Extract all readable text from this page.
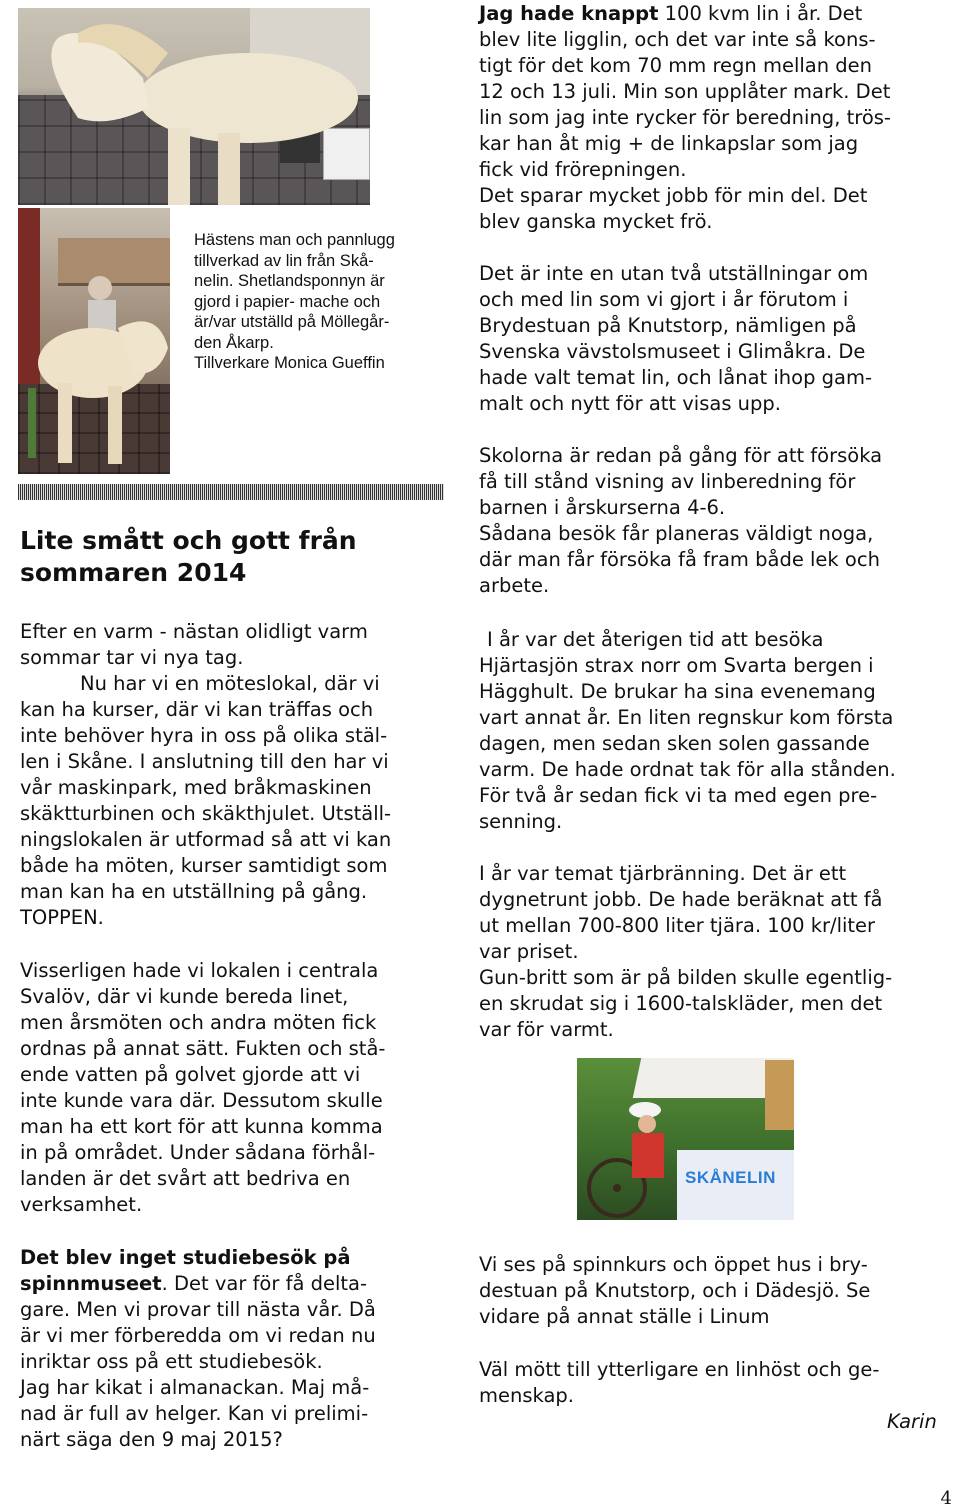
Hästens man och pannlugg
tillverkad av lin från Skå-
nelin. Shetlandsponnyn är
gjord i papier- mache och
är/var utställd på Möllegår-
den Åkarp.
Tillverkare Monica Gueffin
Lite smått och gott från
sommaren 2014
Efter en varm - nästan olidligt varm
sommar tar vi nya tag.
Nu har vi en möteslokal, där vi
kan ha kurser, där vi kan träffas och
inte behöver hyra in oss på olika stäl-
len i Skåne. I anslutning till den har vi
vår maskinpark, med bråkmaskinen
skäktturbinen och skäkthjulet. Utställ-
ningslokalen är utformad så att vi kan
både ha möten, kurser samtidigt som
man kan ha en utställning på gång.
TOPPEN.
Visserligen hade vi lokalen i centrala
Svalöv, där vi kunde bereda linet,
men årsmöten och andra möten fick
ordnas på annat sätt. Fukten och stå-
ende vatten på golvet gjorde att vi
inte kunde vara där. Dessutom skulle
man ha ett kort för att kunna komma
in på området. Under sådana förhål-
landen är det svårt att bedriva en
verksamhet.
Det blev inget studiebesök på
spinnmuseet. Det var för få delta-
gare. Men vi provar till nästa vår. Då
är vi mer förberedda om vi redan nu
inriktar oss på ett studiebesök.
Jag har kikat i almanackan. Maj må-
nad är full av helger. Kan vi prelimi-
närt säga den 9 maj 2015?
Jag hade knappt 100 kvm lin i år. Det
blev lite ligglin, och det var inte så kons-
tigt för det kom 70 mm regn mellan den
12 och 13 juli. Min son upplåter mark. Det
lin som jag inte rycker för beredning, trös-
kar han åt mig + de linkapslar som jag
fick vid frörepningen.
Det sparar mycket jobb för min del. Det
blev ganska mycket frö.
Det är inte en utan två utställningar om
och med lin som vi gjort i år förutom i
Brydestuan på Knutstorp, nämligen på
Svenska vävstolsmuseet i Glimåkra. De
hade valt temat lin, och lånat ihop gam-
malt och nytt för att visas upp.
Skolorna är redan på gång för att försöka
få till stånd visning av linberedning för
barnen i årskurserna 4-6.
Sådana besök får planeras väldigt noga,
där man får försöka få fram både lek och
arbete.
I år var det återigen tid att besöka
Hjärtasjön strax norr om Svarta bergen i
Hägghult. De brukar ha sina evenemang
vart annat år. En liten regnskur kom första
dagen, men sedan sken solen gassande
varm. De hade ordnat tak för alla stånden.
För två år sedan fick vi ta med egen pre-
senning.
I år var temat tjärbränning. Det är ett
dygnetrunt jobb. De hade beräknat att få
ut mellan 700-800 liter tjära. 100 kr/liter
var priset.
Gun-britt som är på bilden skulle egentlig-
en skrudat sig i 1600-talskläder, men det
var för varmt.
SKÅNELIN
Vi ses på spinnkurs och öppet hus i bry-
destuan på Knutstorp, och i Dädesjö. Se
vidare på annat ställe i Linum
Väl mött till ytterligare en linhöst och ge-
menskap.
Karin
4
